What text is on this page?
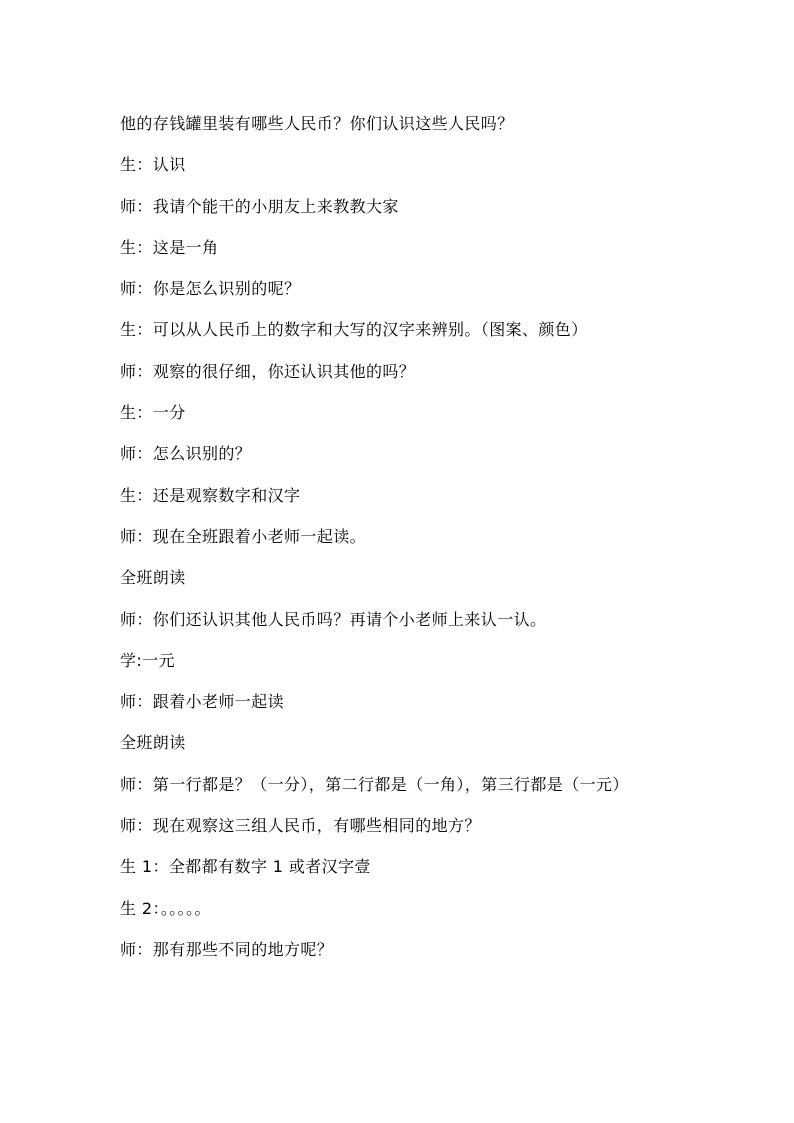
他的存钱罐里装有哪些人民币？你们认识这些人民吗？
生：认识
师：我请个能干的小朋友上来教教大家
生：这是一角
师：你是怎么识别的呢？
生：可以从人民币上的数字和大写的汉字来辨别。（图案、颜色）
师：观察的很仔细，你还认识其他的吗？
生：一分
师：怎么识别的？
生：还是观察数字和汉字
师：现在全班跟着小老师一起读。
全班朗读
师：你们还认识其他人民币吗？再请个小老师上来认一认。
学:一元
师：跟着小老师一起读
全班朗读
师：第一行都是？（一分），第二行都是（一角），第三行都是（一元）
师：现在观察这三组人民币，有哪些相同的地方？
生 1：全都都有数字 1 或者汉字壹
生 2：。。。。。
师：那有那些不同的地方呢？
